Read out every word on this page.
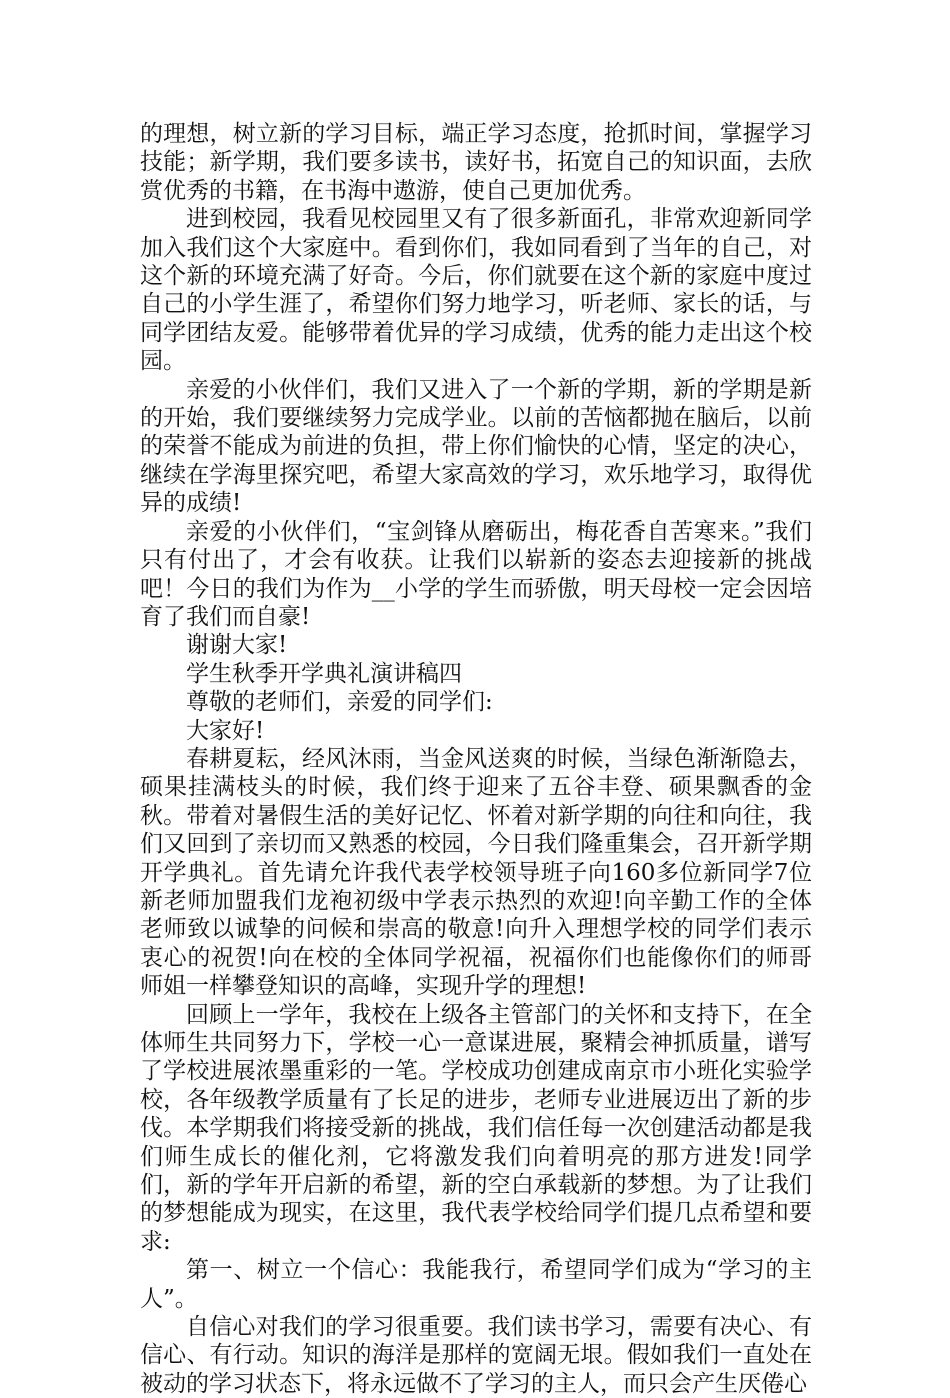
的理想，树立新的学习目标，端正学习态度，抢抓时间，掌握学习技能；新学期，我们要多读书，读好书，拓宽自己的知识面，去欣赏优秀的书籍，在书海中遨游，使自己更加优秀。

进到校园，我看见校园里又有了很多新面孔，非常欢迎新同学加入我们这个大家庭中。看到你们，我如同看到了当年的自己，对这个新的环境充满了好奇。今后，你们就要在这个新的家庭中度过自己的小学生涯了，希望你们努力地学习，听老师、家长的话，与同学团结友爱。能够带着优异的学习成绩，优秀的能力走出这个校园。

亲爱的小伙伴们，我们又进入了一个新的学期，新的学期是新的开始，我们要继续努力完成学业。以前的苦恼都抛在脑后，以前的荣誉不能成为前进的负担，带上你们愉快的心情，坚定的决心，继续在学海里探究吧，希望大家高效的学习，欢乐地学习，取得优异的成绩!

亲爱的小伙伴们，“宝剑锋从磨砺出，梅花香自苦寒来。”我们只有付出了，才会有收获。让我们以崭新的姿态去迎接新的挑战吧！今日的我们为作为__小学的学生而骄傲，明天母校一定会因培育了我们而自豪!

谢谢大家!

学生秋季开学典礼演讲稿四

尊敬的老师们，亲爱的同学们:

大家好!

春耕夏耘，经风沐雨，当金风送爽的时候，当绿色渐渐隐去，硕果挂满枝头的时候，我们终于迎来了五谷丰登、硕果飘香的金秋。带着对暑假生活的美好记忆、怀着对新学期的向往和向往，我们又回到了亲切而又熟悉的校园，今日我们隆重集会，召开新学期开学典礼。首先请允许我代表学校领导班子向160多位新同学7位新老师加盟我们龙袍初级中学表示热烈的欢迎!向辛勤工作的全体老师致以诚挚的问候和崇高的敬意!向升入理想学校的同学们表示衷心的祝贺!向在校的全体同学祝福，祝福你们也能像你们的师哥师姐一样攀登知识的高峰，实现升学的理想!

回顾上一学年，我校在上级各主管部门的关怀和支持下，在全体师生共同努力下，学校一心一意谋进展，聚精会神抓质量，谱写了学校进展浓墨重彩的一笔。学校成功创建成南京市小班化实验学校，各年级教学质量有了长足的进步，老师专业进展迈出了新的步伐。本学期我们将接受新的挑战，我们信任每一次创建活动都是我们师生成长的催化剂，它将激发我们向着明亮的那方进发!同学们，新的学年开启新的希望，新的空白承载新的梦想。为了让我们的梦想能成为现实，在这里，我代表学校给同学们提几点希望和要求:

第一、树立一个信心：我能我行，希望同学们成为“学习的主人”。

自信心对我们的学习很重要。我们读书学习，需要有决心、有信心、有行动。知识的海洋是那样的宽阔无垠。假如我们一直处在被动的学习状态下，将永远做不了学习的主人，而只会产生厌倦心
